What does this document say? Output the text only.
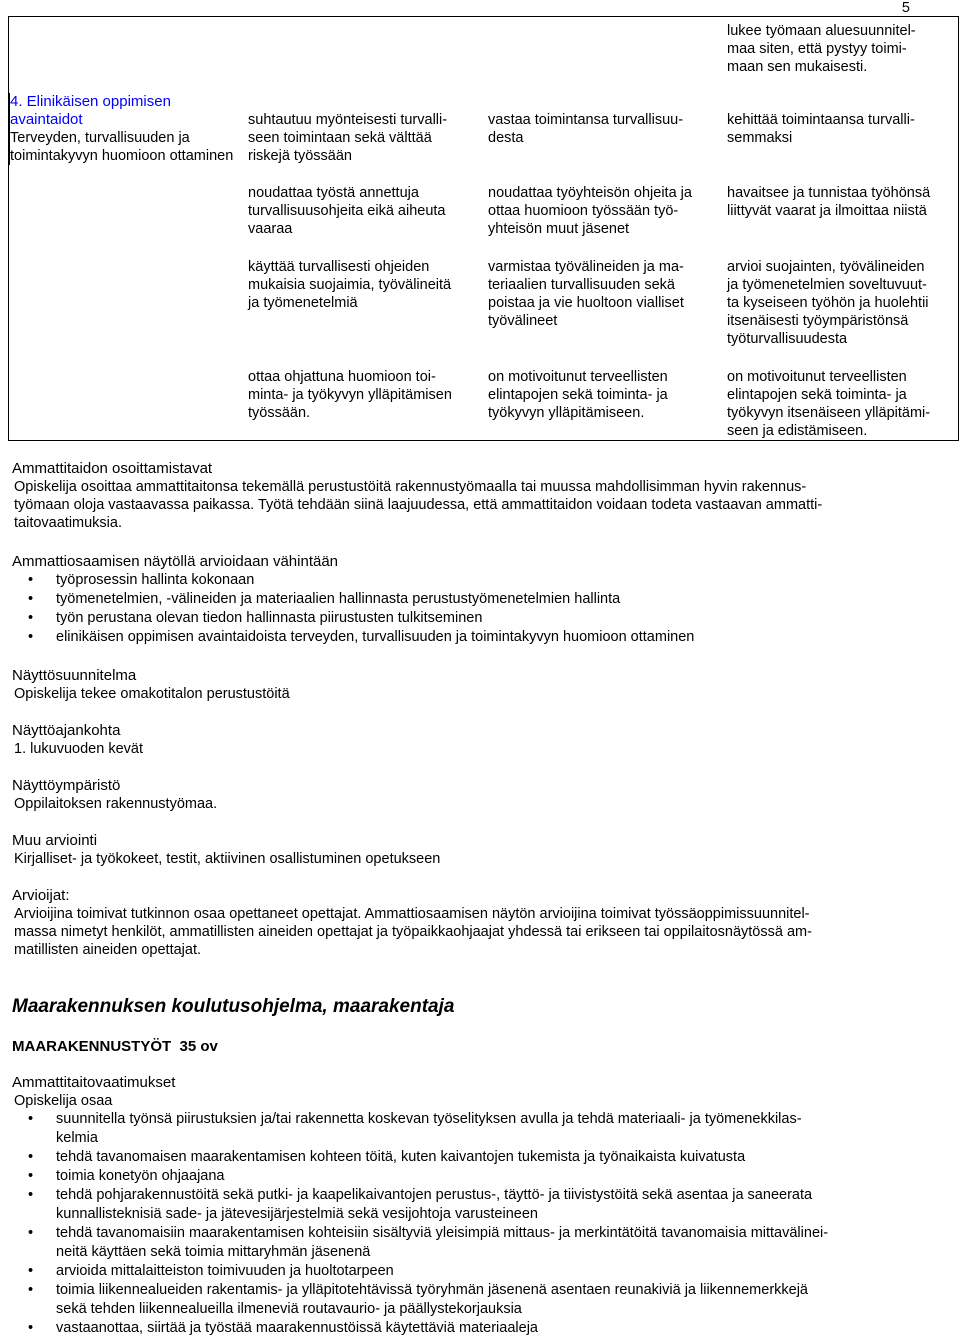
5
4. Elinikäisen oppimisen avaintaidot
Terveyden, turvallisuuden ja toimintakyvyn huomioon ottaminen
lukee työmaan aluesuunnitel-
maa siten, että pystyy toimi-
maan sen mukaisesti.
suhtautuu myönteisesti turvalli-
seen toimintaan sekä välttää
riskejä työssään
vastaa toimintansa turvallisuu-
desta
kehittää toimintaansa turvalli-
semmaksi
noudattaa työstä annettuja
turvallisuusohjeita eikä aiheuta
vaaraa
noudattaa työyhteisön ohjeita ja
ottaa huomioon työssään työ-
yhteisön muut jäsenet
havaitsee ja tunnistaa työhönsä
liittyvät vaarat ja ilmoittaa niistä
käyttää turvallisesti ohjeiden
mukaisia suojaimia, työvälineitä
ja työmenetelmiä
varmistaa työvälineiden ja ma-
teriaalien turvallisuuden sekä
poistaa ja vie huoltoon vialliset
työvälineet
arvioi suojainten, työvälineiden
ja työmenetelmien soveltuvuut-
ta kyseiseen työhön ja huolehtii
itsenäisesti työympäristönsä
työturvallisuudesta
ottaa ohjattuna huomioon toi-
minta- ja työkyvyn ylläpitämisen
työssään.
on motivoitunut terveellisten
elintapojen sekä toiminta- ja
työkyvyn ylläpitämiseen.
on motivoitunut terveellisten
elintapojen sekä toiminta- ja
työkyvyn itsenäiseen ylläpitämi-
seen ja edistämiseen.
Ammattitaidon osoittamistavat
Opiskelija osoittaa ammattitaitonsa tekemällä perustustöitä rakennustyömaalla tai muussa mahdollisimman hyvin rakennus-
työmaan oloja vastaavassa paikassa. Työtä tehdään siinä laajuudessa, että ammattitaidon voidaan todeta vastaavan ammatti-
taitovaatimuksia.
Ammattiosaamisen näytöllä arvioidaan vähintään
• työprosessin hallinta kokonaan
• työmenetelmien, -välineiden ja materiaalien hallinnasta perustustyömenetelmien hallinta
• työn perustana olevan tiedon hallinnasta piirustusten tulkitseminen
• elinikäisen oppimisen avaintaidoista terveyden, turvallisuuden ja toimintakyvyn huomioon ottaminen
Näyttösuunnitelma
Opiskelija tekee omakotitalon perustustöitä
Näyttöajankohta
1. lukuvuoden kevät
Näyttöympäristö
Oppilaitoksen rakennustyömaa.
Muu arviointi
Kirjalliset- ja työkokeet, testit, aktiivinen osallistuminen opetukseen
Arvioijat:
Arvioijina toimivat tutkinnon osaa opettaneet opettajat. Ammattiosaamisen näytön arvioijina toimivat työssäoppimissuunnitel-
massa nimetyt henkilöt, ammatillisten aineiden opettajat ja työpaikkaohjaajat yhdessä tai erikseen tai oppilaitosnäytössä am-
matillisten aineiden opettajat.
Maarakennuksen koulutusohjelma, maarakentaja
MAARAKENNUSTYÖT  35 ov
Ammattitaitovaatimukset
Opiskelija osaa
• suunnitella työnsä piirustuksien ja/tai rakennetta koskevan työselityksen avulla ja tehdä materiaali- ja työmenekkilas-
kelmia
• tehdä tavanomaisen maarakentamisen kohteen töitä, kuten kaivantojen tukemista ja työnaikaista kuivatusta
• toimia konetyön ohjaajana
• tehdä pohjarakennustöitä sekä putki- ja kaapelikaivantojen perustus-, täyttö- ja tiivistystöitä sekä asentaa ja saneerata
kunnallisteknisiä sade- ja jätevesijärjestelmiä sekä vesijohtoja varusteineen
• tehdä tavanomaisiin maarakentamisen kohteisiin sisältyviä yleisimpiä mittaus- ja merkintätöitä tavanomaisia mittavälinei-
neitä käyttäen sekä toimia mittaryhmän jäsenenä
• arvioida mittalaitteiston toimivuuden ja huoltotarpeen
• toimia liikennealueiden rakentamis- ja ylläpitotehtävissä työryhmän jäsenenä asentaen reunakiviä ja liikennemerkkejä
sekä tehden liikennealueilla ilmeneviä routavaurio- ja päällystekorjauksia
• vastaanottaa, siirtää ja työstää maarakennustöissä käytettäviä materiaaleja
